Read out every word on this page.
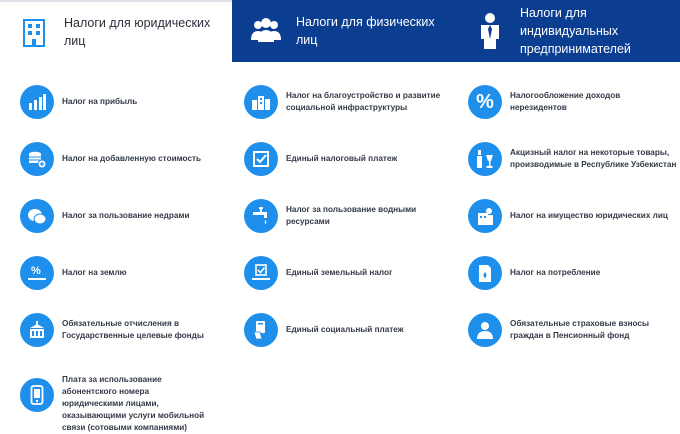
Налоги для юридических лиц
Налоги для физических лиц
Налоги для индивидуальных предпринимателей
Налог на прибыль
Налог на благоустройство и развитие социальной инфраструктуры	% Налогообложение доходов нерезидентов
Налог на добавленную стоимость	Единый налоговый платеж
Акцизный налог на некоторые товары, производимые в Республике Узбекистан
Налог за пользование недрами
Налог за пользование водными ресурсами
Налог на имущество юридических лиц
%	Налог на землю	Единый земельный налог	Налог на потребление
Обязательные отчисления в Государственные целевые фонды
Единый социальный платеж
Обязательные страховые взносы граждан в Пенсионный фонд
Плата за использование абонентского номера юридическими лицами, оказывающими услуги мобильной связи (сотовыми компаниями)
